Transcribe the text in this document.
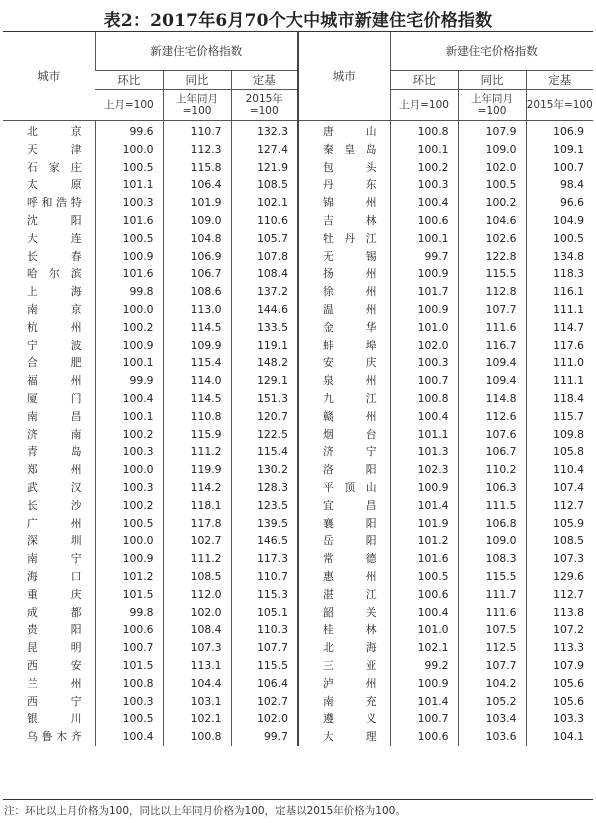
表2：2017年6月70个大中城市新建住宅价格指数
城市	新建住宅价格指数			城市	新建住宅价格指数		
	环比	同比	定基		环比	同比	定基
	上月=100	上年同月=100	2015年=100		上月=100	上年同月=100	2015年=100
北京	99.6	110.7	132.3	唐山	100.8	107.9	106.9
天津	100.0	112.3	127.4	秦皇岛	100.1	109.0	109.1
石家庄	100.5	115.8	121.9	包头	100.2	102.0	100.7
太原	101.1	106.4	108.5	丹东	100.3	100.5	98.4
呼和浩特	100.3	101.9	102.1	锦州	100.4	100.2	96.6
沈阳	101.6	109.0	110.6	吉林	100.6	104.6	104.9
大连	100.5	104.8	105.7	牡丹江	100.1	102.6	100.5
长春	100.9	106.9	107.8	无锡	99.7	122.8	134.8
哈尔滨	101.6	106.7	108.4	扬州	100.9	115.5	118.3
上海	99.8	108.6	137.2	徐州	101.7	112.8	116.1
南京	100.0	113.0	144.6	温州	100.9	107.7	111.1
杭州	100.2	114.5	133.5	金华	101.0	111.6	114.7
宁波	100.9	109.9	119.1	蚌埠	102.0	116.7	117.6
合肥	100.1	115.4	148.2	安庆	100.3	109.4	111.0
福州	99.9	114.0	129.1	泉州	100.7	109.4	111.1
厦门	100.4	114.5	151.3	九江	100.8	114.8	118.4
南昌	100.1	110.8	120.7	赣州	100.4	112.6	115.7
济南	100.2	115.9	122.5	烟台	101.1	107.6	109.8
青岛	100.3	111.2	115.4	济宁	101.3	106.7	105.8
郑州	100.0	119.9	130.2	洛阳	102.3	110.2	110.4
武汉	100.3	114.2	128.3	平顶山	100.9	106.3	107.4
长沙	100.2	118.1	123.5	宜昌	101.4	111.5	112.7
广州	100.5	117.8	139.5	襄阳	101.9	106.8	105.9
深圳	100.0	102.7	146.5	岳阳	101.2	109.0	108.5
南宁	100.9	111.2	117.3	常德	101.6	108.3	107.3
海口	101.2	108.5	110.7	惠州	100.5	115.5	129.6
重庆	101.5	112.0	115.3	湛江	100.6	111.7	112.7
成都	99.8	102.0	105.1	韶关	100.4	111.6	113.8
贵阳	100.6	108.4	110.3	桂林	101.0	107.5	107.2
昆明	100.7	107.3	107.7	北海	102.1	112.5	113.3
西安	101.5	113.1	115.5	三亚	99.2	107.7	107.9
兰州	100.8	104.4	106.4	泸州	100.9	104.2	105.6
西宁	100.3	103.1	102.7	南充	101.4	105.2	105.6
银川	100.5	102.1	102.0	遵义	100.7	103.4	103.3
乌鲁木齐	100.4	100.8	99.7	大理	100.6	103.6	104.1
注：环比以上月价格为100，同比以上年同月价格为100，定基以2015年价格为100。
